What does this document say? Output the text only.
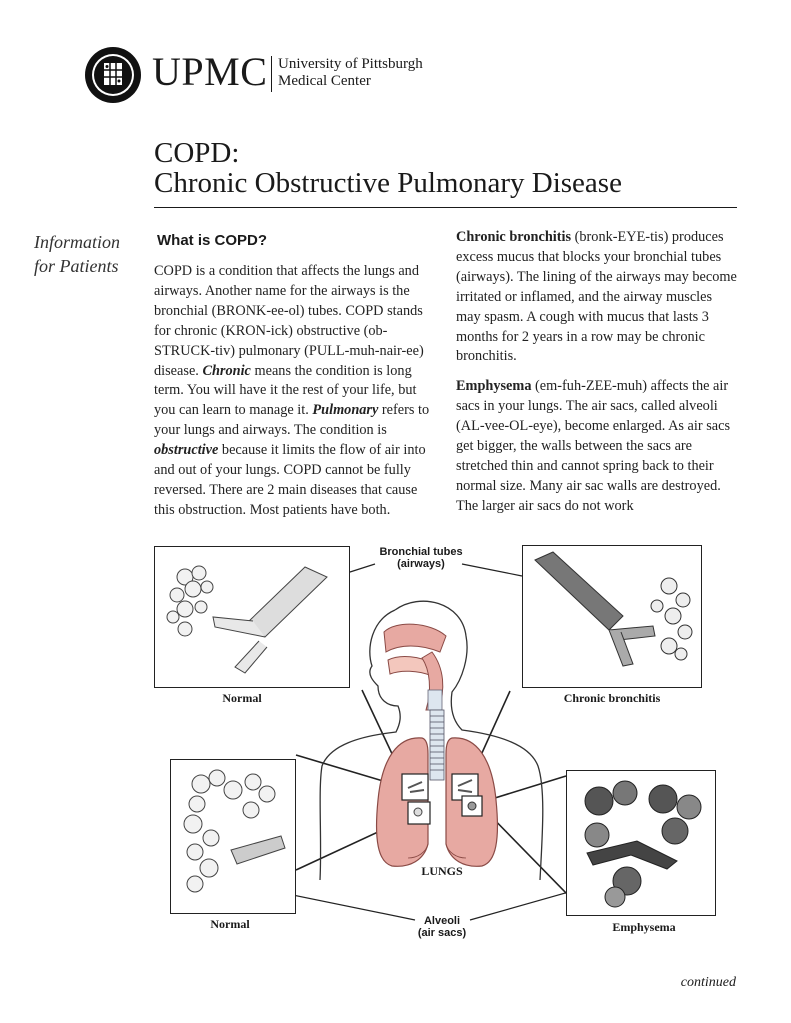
UPMC University of Pittsburgh
Medical Center
COPD:
Chronic Obstructive Pulmonary Disease
Information
for Patients
What is COPD?

COPD is a condition that affects the lungs and airways. Another name for the airways is the bronchial (BRONK-ee-ol) tubes. COPD stands for chronic (KRON-ick) obstructive (ob-STRUCK-tiv) pulmonary (PULL-muh-nair-ee) disease. Chronic means the condition is long term. You will have it the rest of your life, but you can learn to manage it. Pulmonary refers to your lungs and airways. The condition is obstructive because it limits the flow of air into and out of your lungs. COPD cannot be fully reversed. There are 2 main diseases that cause this obstruction. Most patients have both.

Chronic bronchitis (bronk-EYE-tis) produces excess mucus that blocks your bronchial tubes (airways). The lining of the airways may become irritated or inflamed, and the airway muscles may spasm. A cough with mucus that lasts 3 months for 2 years in a row may be chronic bronchitis.

Emphysema (em-fuh-ZEE-muh) affects the air sacs in your lungs. The air sacs, called alveoli (AL-vee-OL-eye), become enlarged. As air sacs get bigger, the walls between the sacs are stretched thin and cannot spring back to their normal size. Many air sac walls are destroyed. The larger air sacs do not work

Normal	Chronic bronchitis
Normal	Emphysema
Bronchial tubes
(airways)
LUNGS
Alveoli
(air sacs)
continued
